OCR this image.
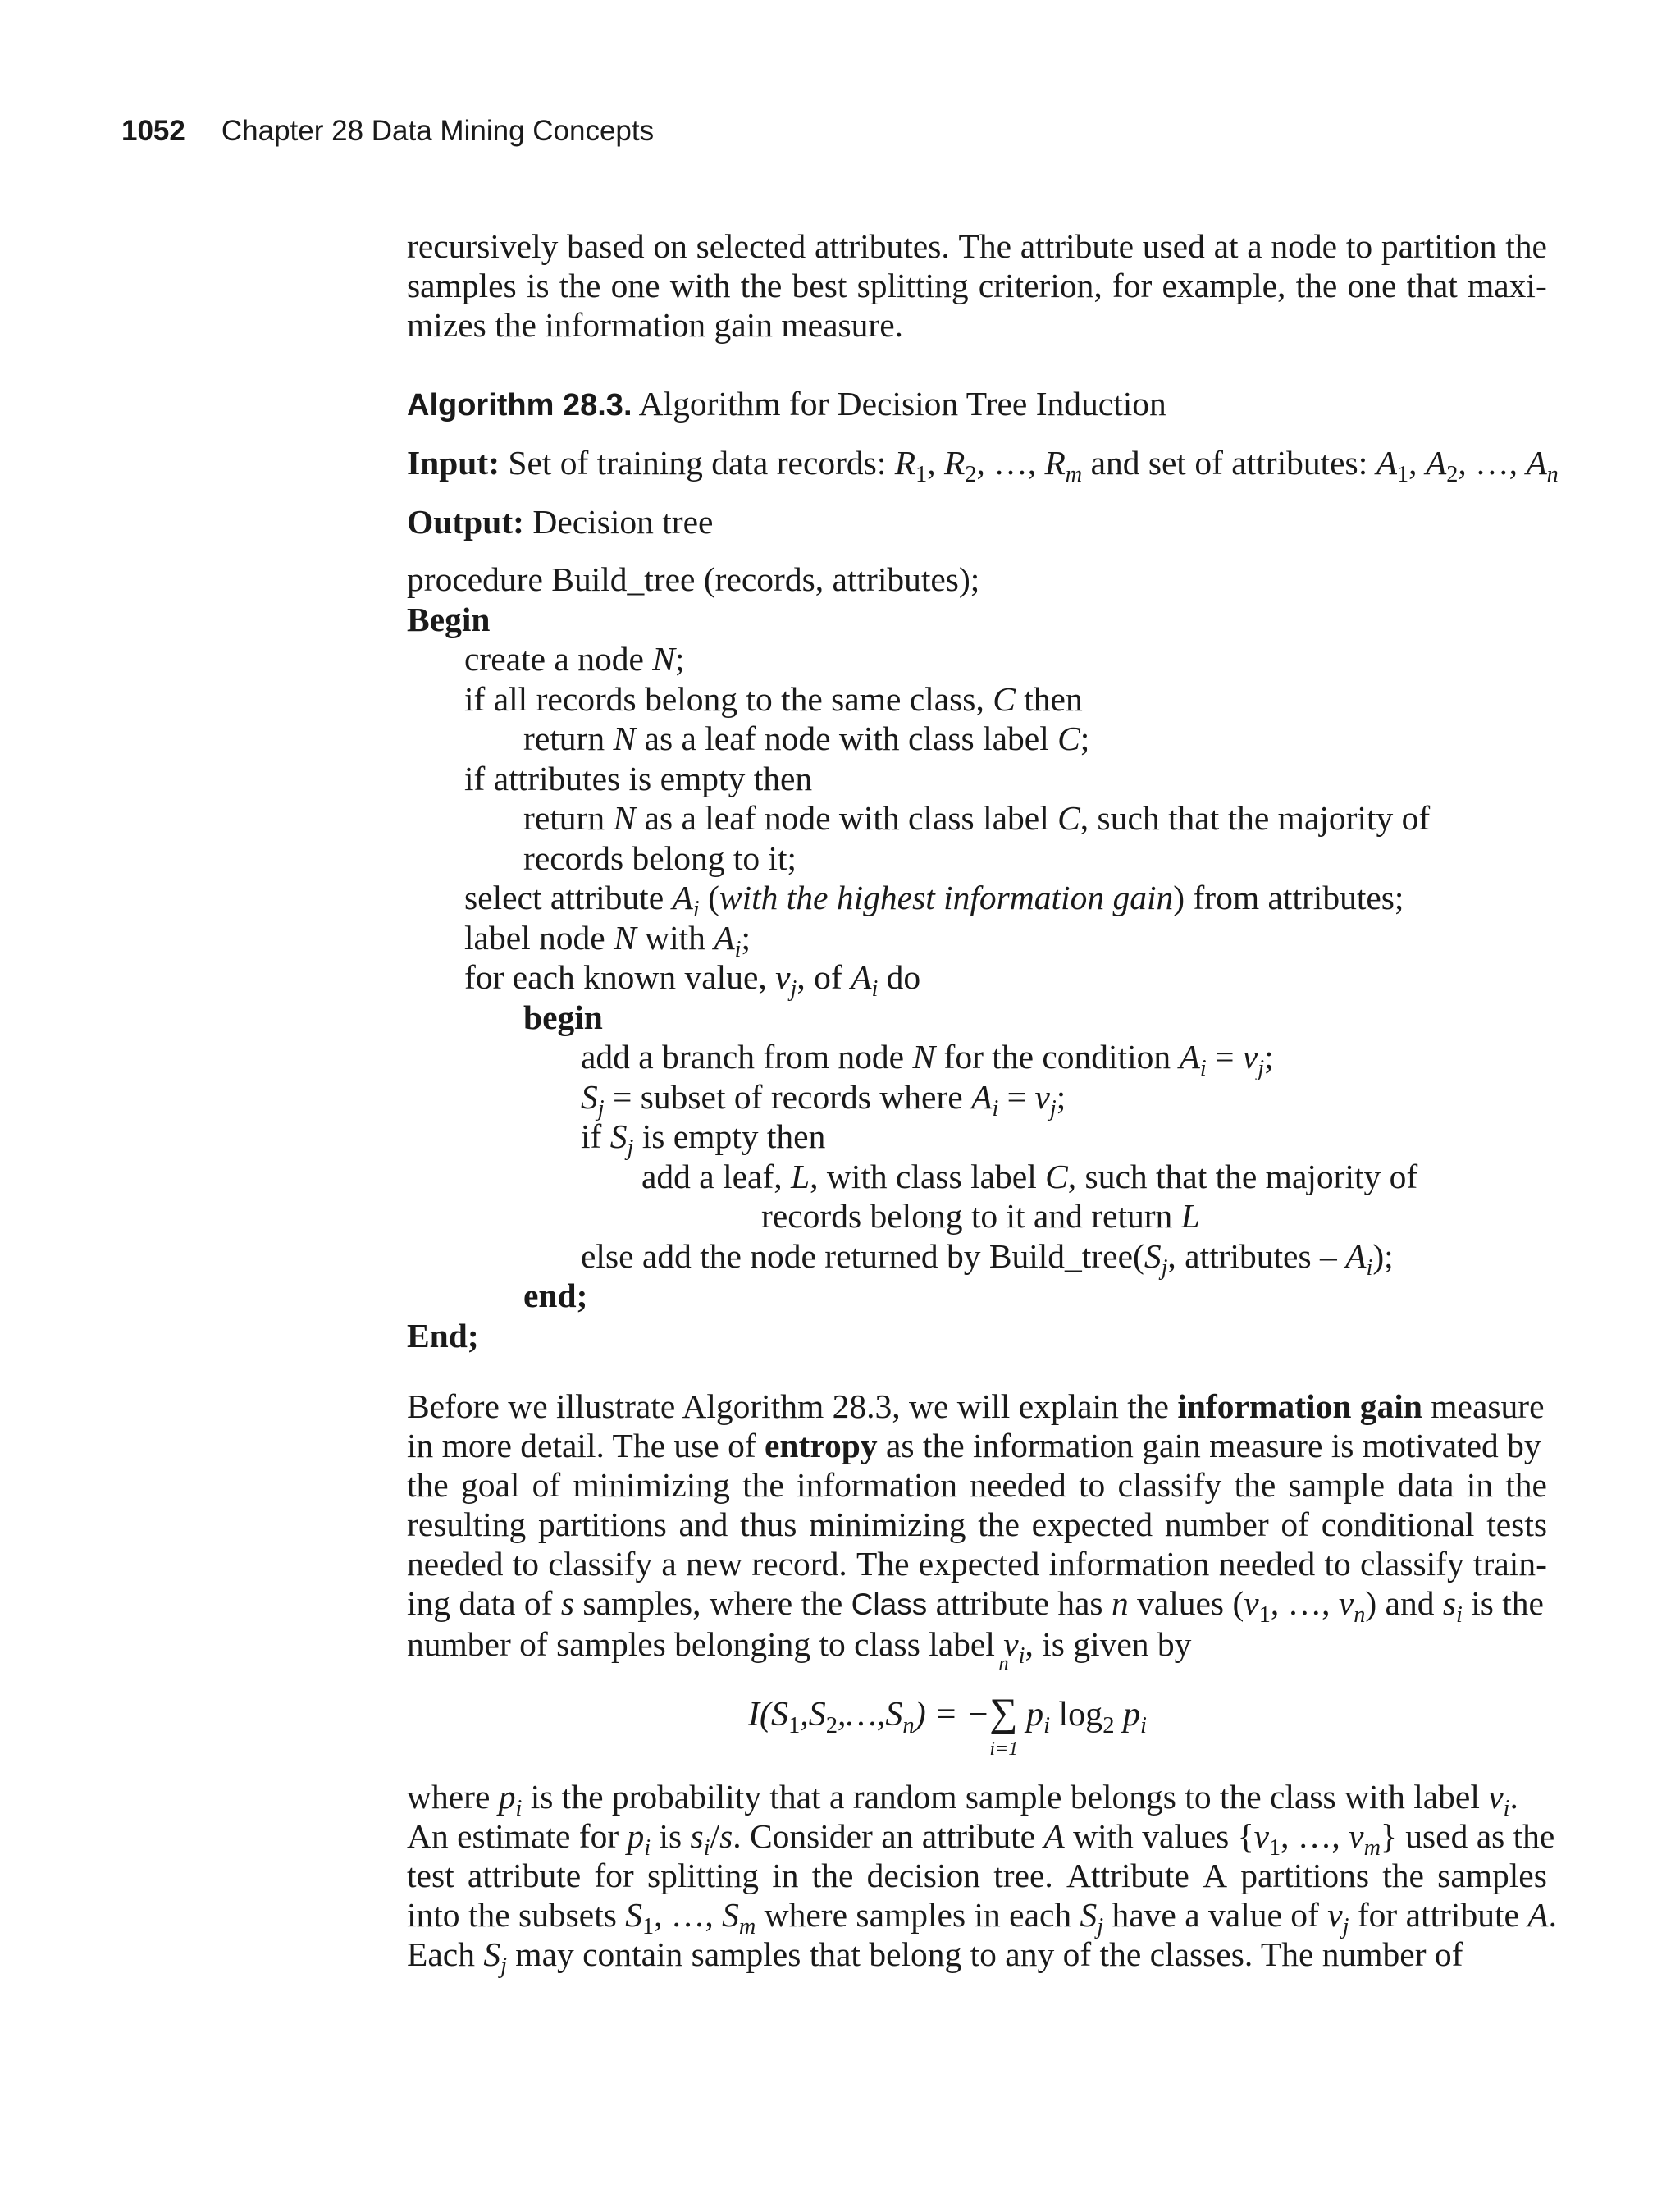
1052 Chapter 28 Data Mining Concepts
recursively based on selected attributes. The attribute used at a node to partition the
samples is the one with the best splitting criterion, for example, the one that maxi-
mizes the information gain measure.
Algorithm 28.3. Algorithm for Decision Tree Induction
Input: Set of training data records: $R_1$, $R_2$, …, $R_m$ and set of attributes: $A_1$, $A_2$, …, $A_n$
Output: Decision tree
procedure Build_tree (records, attributes);
Begin
create a node N;
if all records belong to the same class, C then
return N as a leaf node with class label C;
if attributes is empty then
return N as a leaf node with class label C, such that the majority of
records belong to it;
select attribute $A_i$ (with the highest information gain) from attributes;
label node N with $A_i$;
for each known value, $v_j$, of $A_i$ do
begin
add a branch from node N for the condition $A_i = v_j$;
$S_j$ = subset of records where $A_i = v_j$;
if $S_j$ is empty then
add a leaf, L, with class label C, such that the majority of
records belong to it and return L
else add the node returned by $Build\_tree(S_j$, attributes – $A_i$);
end;
End;
Before we illustrate Algorithm 28.3, we will explain the information gain measure
in more detail. The use of entropy as the information gain measure is motivated by
the goal of minimizing the information needed to classify the sample data in the
resulting partitions and thus minimizing the expected number of conditional tests
needed to classify a new record. The expected information needed to classify train-
ing data of s samples, where the Class attribute has n values ($v_1$, …, $v_n$) and $s_i$ is the
number of samples belonging to class label $v_i$, is given by
$I(S_1,S_2,\dots,S_n)$ = −∑
n
i=1
$p_i$ $\log_2 p_i$
where $p_i$ is the probability that a random sample belongs to the class with label $v_i$.
An estimate for $p_i$ is $s_i/s$. Consider an attribute A with values {$v_1$, …, $v_m$} used as the
test attribute for splitting in the decision tree. Attribute A partitions the samples
into the subsets $S_1$, …, $S_m$ where samples in each $S_j$ have a value of $v_j$ for attribute A.
Each $S_j$ may contain samples that belong to any of the classes. The number of
